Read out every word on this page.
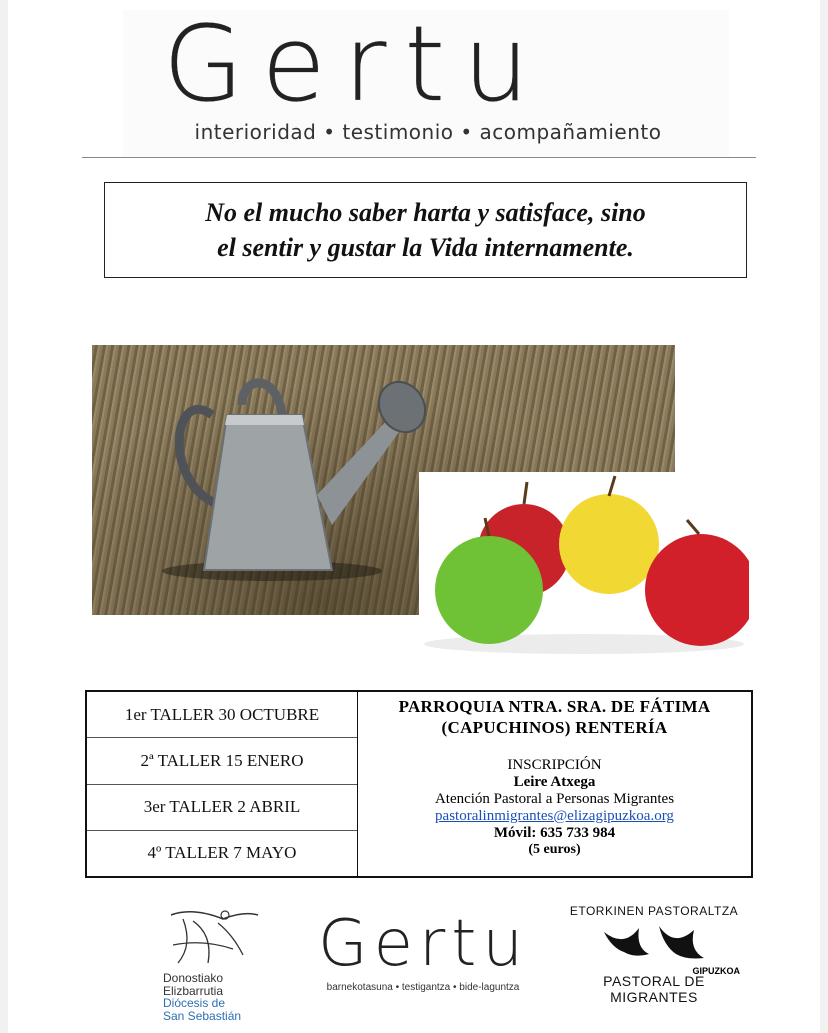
Gertu
interioridad • testimonio • acompañamiento
No el mucho saber harta y satisface, sino
el sentir y gustar la Vida internamente.
1er TALLER 30 OCTUBRE
2ª TALLER 15 ENERO
3er TALLER 2 ABRIL
4º TALLER 7 MAYO
PARROQUIA NTRA. SRA. DE FÁTIMA
(CAPUCHINOS) RENTERÍA
INSCRIPCIÓN
Leire Atxega
Atención Pastoral a Personas Migrantes
pastoralinmigrantes@elizagipuzkoa.org
Móvil: 635 733 984
(5 euros)
Donostiako
Elizbarrutia
Diócesis de
San Sebastián
Gertu
barnekotasuna • testigantza • bide-laguntza
ETORKINEN PASTORALTZA
GIPUZKOA
PASTORAL DE MIGRANTES
